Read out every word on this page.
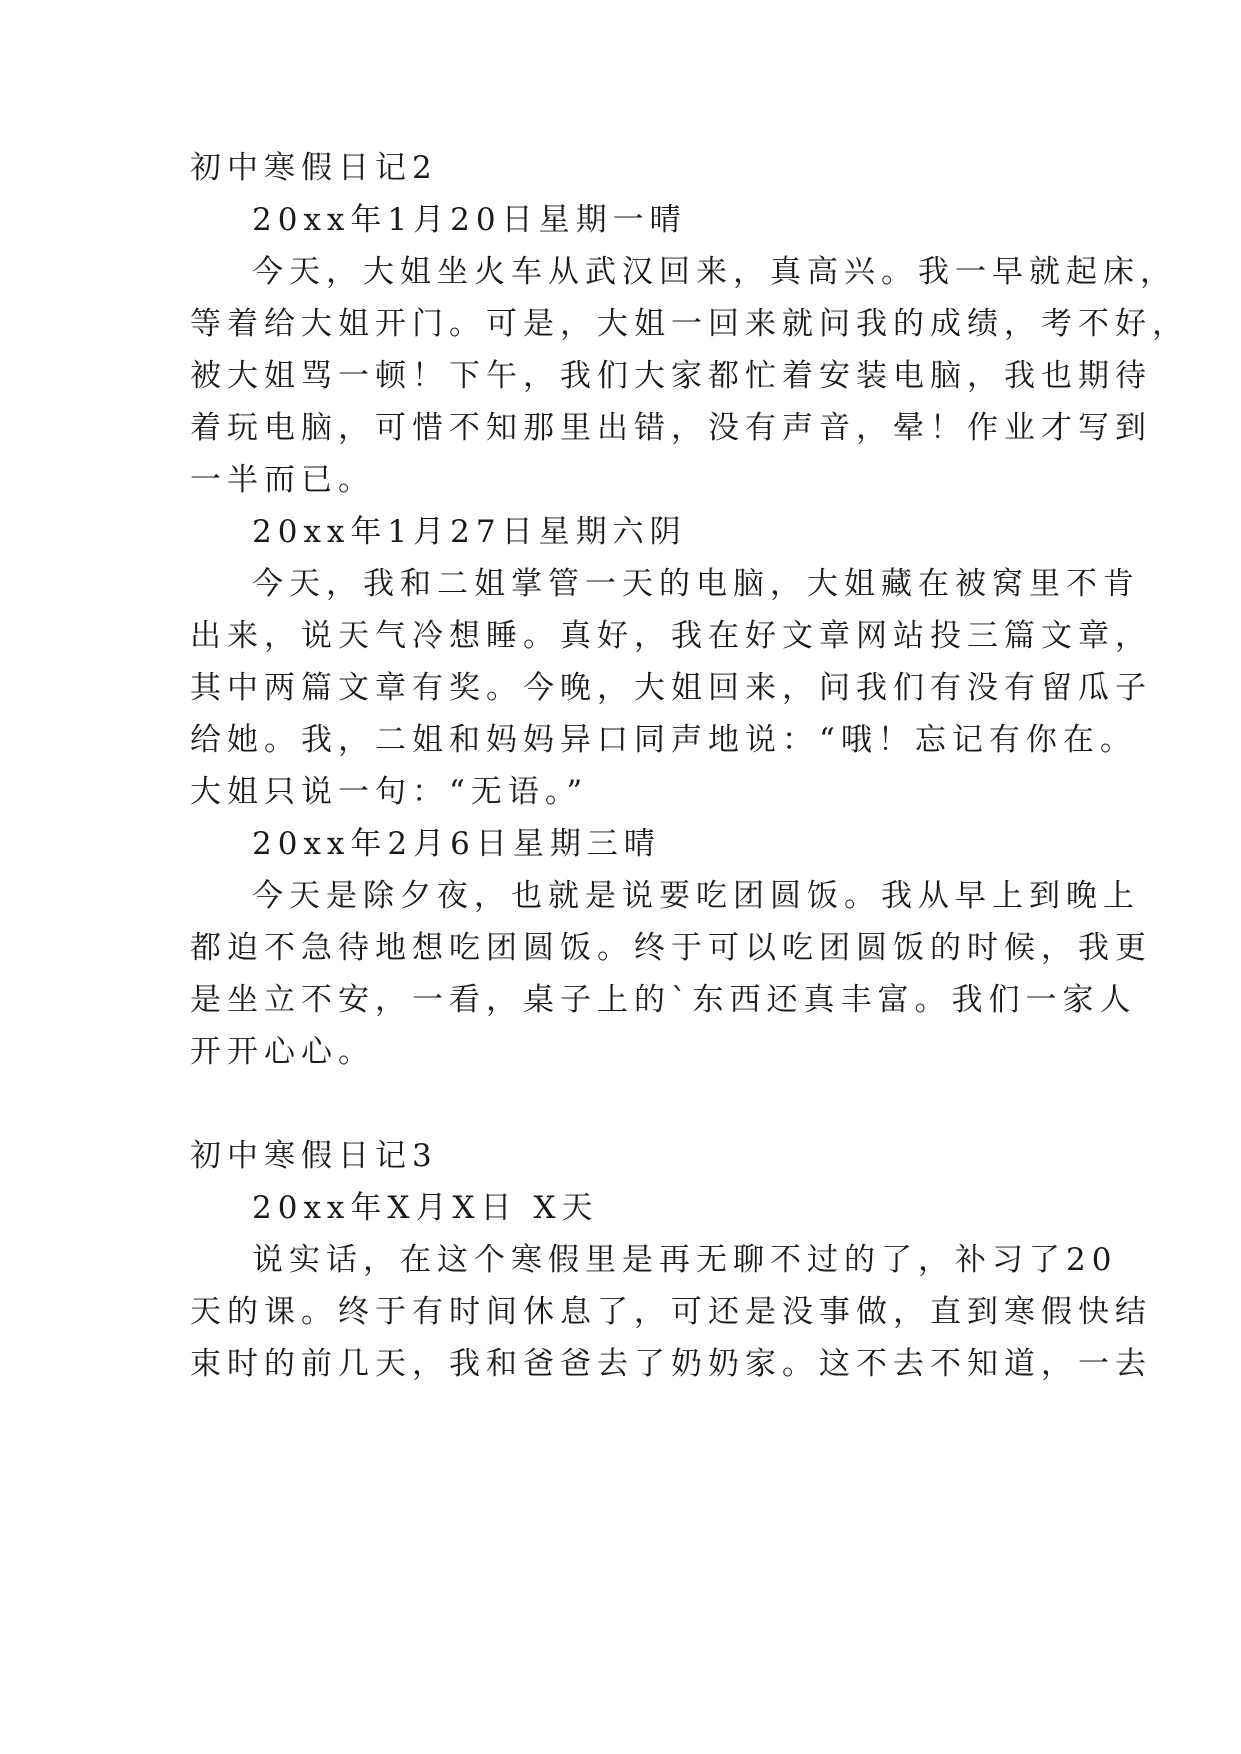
初中寒假日记2
20xx年1月20日星期一晴
今天，大姐坐火车从武汉回来，真高兴。我一早就起床，
等着给大姐开门。可是，大姐一回来就问我的成绩，考不好，
被大姐骂一顿！下午，我们大家都忙着安装电脑，我也期待
着玩电脑，可惜不知那里出错，没有声音，晕！作业才写到
一半而已。
20xx年1月27日星期六阴
今天，我和二姐掌管一天的电脑，大姐藏在被窝里不肯
出来，说天气冷想睡。真好，我在好文章网站投三篇文章，
其中两篇文章有奖。今晚，大姐回来，问我们有没有留瓜子
给她。我，二姐和妈妈异口同声地说：“哦！忘记有你在。
大姐只说一句：“无语。”
20xx年2月6日星期三晴
今天是除夕夜，也就是说要吃团圆饭。我从早上到晚上
都迫不急待地想吃团圆饭。终于可以吃团圆饭的时候，我更
是坐立不安，一看，桌子上的`东西还真丰富。我们一家人
开开心心。
初中寒假日记3
20xx年X月X日 X天
说实话，在这个寒假里是再无聊不过的了，补习了20
天的课。终于有时间休息了，可还是没事做，直到寒假快结
束时的前几天，我和爸爸去了奶奶家。这不去不知道，一去
